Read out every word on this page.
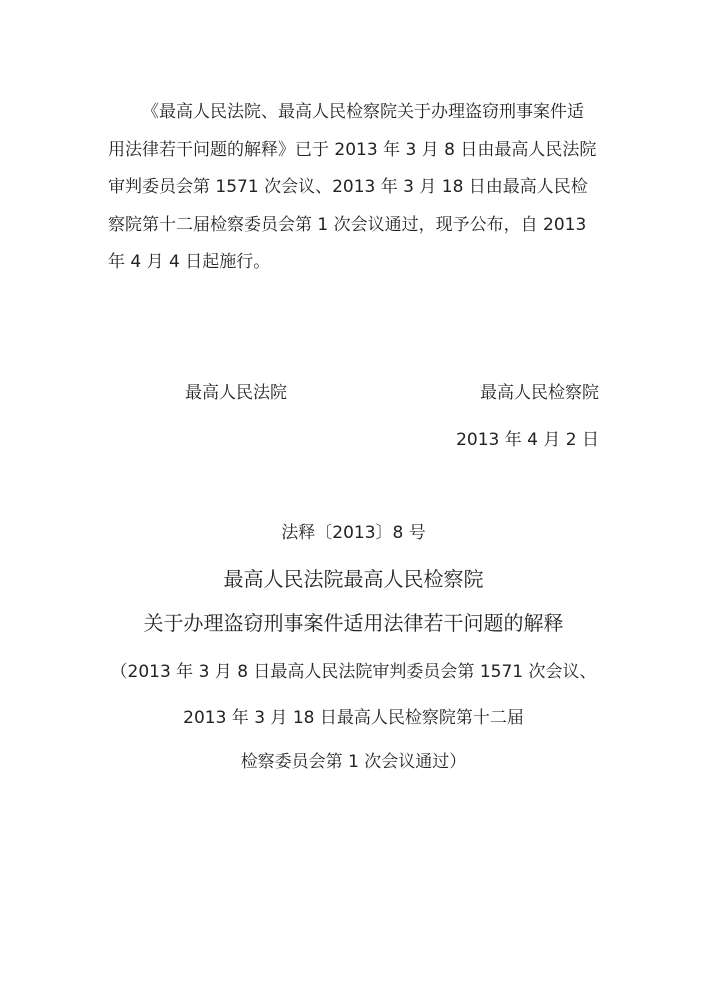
《最高人民法院、最高人民检察院关于办理盗窃刑事案件适
用法律若干问题的解释》已于 2013 年 3 月 8 日由最高人民法院
审判委员会第 1571 次会议、2013 年 3 月 18 日由最高人民检
察院第十二届检察委员会第 1 次会议通过，现予公布，自 2013
年 4 月 4 日起施行。
最高人民法院	最高人民检察院
2013 年 4 月 2 日
法释〔2013〕8 号
最高人民法院最高人民检察院
关于办理盗窃刑事案件适用法律若干问题的解释
（2013 年 3 月 8 日最高人民法院审判委员会第 1571 次会议、
2013 年 3 月 18 日最高人民检察院第十二届
检察委员会第 1 次会议通过）
